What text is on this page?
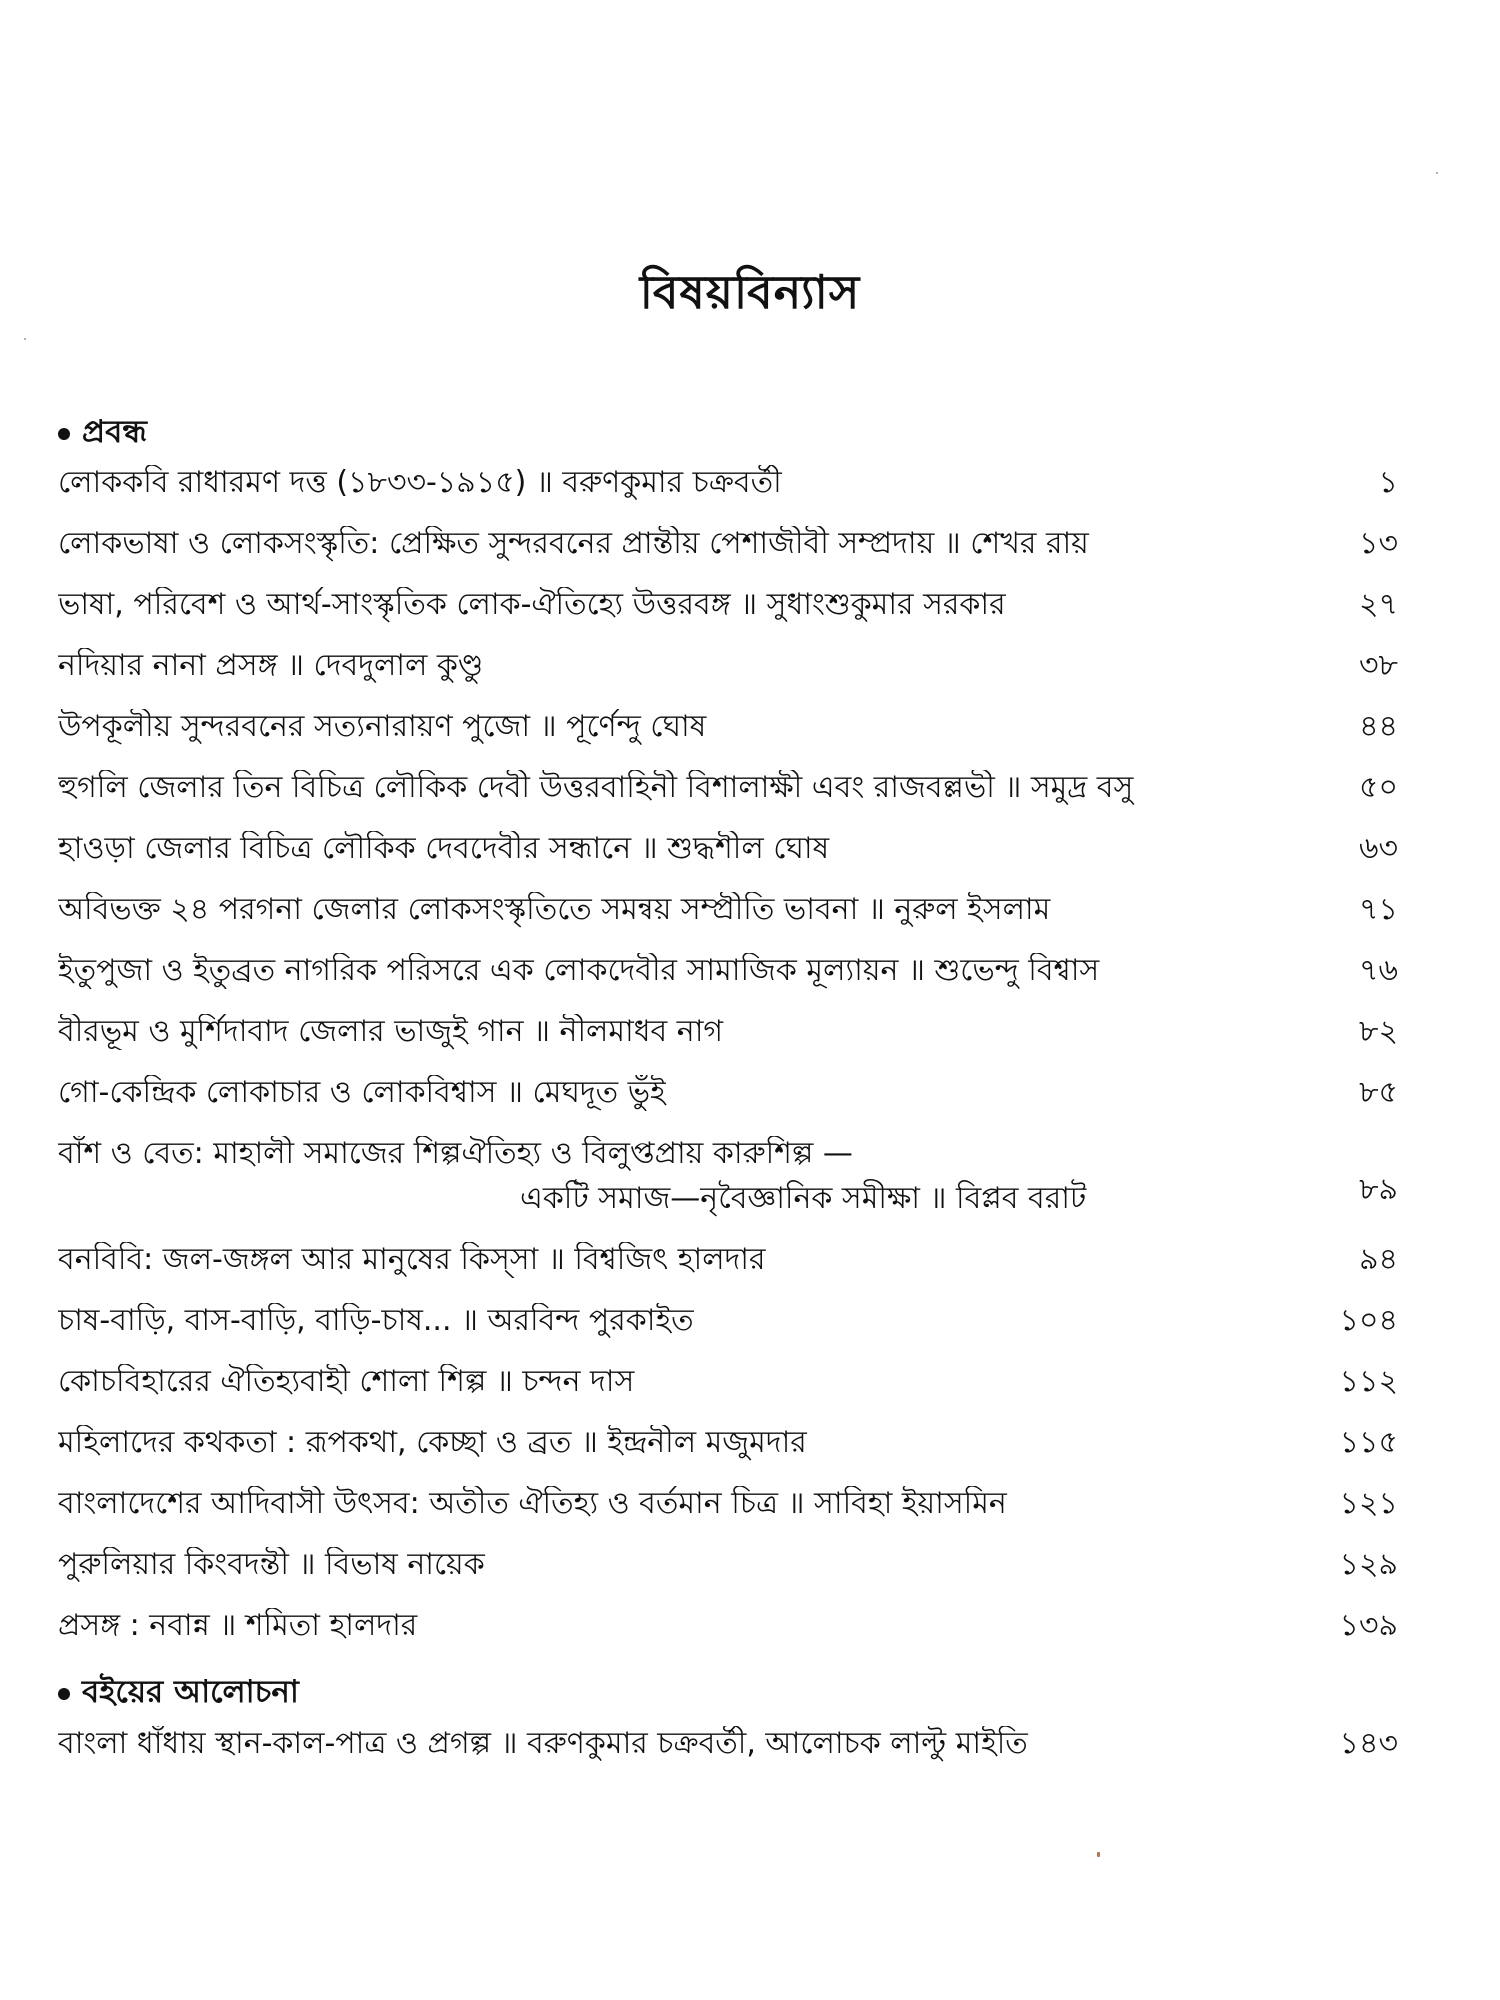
বিষয়বিন্যাস
প্রবন্ধ
লোককবি রাধারমণ দত্ত (১৮৩৩-১৯১৫) ॥ বরুণকুমার চক্রবর্তী	১
লোকভাষা ও লোকসংস্কৃতি: প্রেক্ষিত সুন্দরবনের প্রান্তীয় পেশাজীবী সম্প্রদায় ॥ শেখর রায়	১৩
ভাষা, পরিবেশ ও আর্থ-সাংস্কৃতিক লোক-ঐতিহ্যে উত্তরবঙ্গ ॥ সুধাংশুকুমার সরকার	২৭
নদিয়ার নানা প্রসঙ্গ ॥ দেবদুলাল কুণ্ডু	৩৮
উপকূলীয় সুন্দরবনের সত্যনারায়ণ পুজো ॥ পূর্ণেন্দু ঘোষ	৪৪
হুগলি জেলার তিন বিচিত্র লৌকিক দেবী উত্তরবাহিনী বিশালাক্ষী এবং রাজবল্লভী ॥ সমুদ্র বসু	৫০
হাওড়া জেলার বিচিত্র লৌকিক দেবদেবীর সন্ধানে ॥ শুদ্ধশীল ঘোষ	৬৩
অবিভক্ত ২৪ পরগনা জেলার লোকসংস্কৃতিতে সমন্বয় সম্প্রীতি ভাবনা ॥ নুরুল ইসলাম	৭১
ইতুপুজা ও ইতুব্রত নাগরিক পরিসরে এক লোকদেবীর সামাজিক মূল্যায়ন ॥ শুভেন্দু বিশ্বাস	৭৬
বীরভূম ও মুর্শিদাবাদ জেলার ভাজুই গান ॥ নীলমাধব নাগ	৮২
গো-কেন্দ্রিক লোকাচার ও লোকবিশ্বাস ॥ মেঘদূত ভুঁই	৮৫
বাঁশ ও বেত: মাহালী সমাজের শিল্পঐতিহ্য ও বিলুপ্তপ্রায় কারুশিল্প —
একটি সমাজ—নৃবৈজ্ঞানিক সমীক্ষা ॥ বিপ্লব বরাট	৮৯
বনবিবি: জল-জঙ্গল আর মানুষের কিস্‌সা ॥ বিশ্বজিৎ হালদার	৯৪
চাষ-বাড়ি, বাস-বাড়ি, বাড়ি-চাষ... ॥ অরবিন্দ পুরকাইত	১০৪
কোচবিহারের ঐতিহ্যবাহী শোলা শিল্প ॥ চন্দন দাস	১১২
মহিলাদের কথকতা : রূপকথা, কেচ্ছা ও ব্রত ॥ ইন্দ্রনীল মজুমদার	১১৫
বাংলাদেশের আদিবাসী উৎসব: অতীত ঐতিহ্য ও বর্তমান চিত্র ॥ সাবিহা ইয়াসমিন	১২১
পুরুলিয়ার কিংবদন্তী ॥ বিভাষ নায়েক	১২৯
প্রসঙ্গ : নবান্ন ॥ শমিতা হালদার	১৩৯
বইয়ের আলোচনা
বাংলা ধাঁধায় স্থান-কাল-পাত্র ও প্রগল্প ॥ বরুণকুমার চক্রবর্তী, আলোচক লাল্টু মাইতি	১৪৩
